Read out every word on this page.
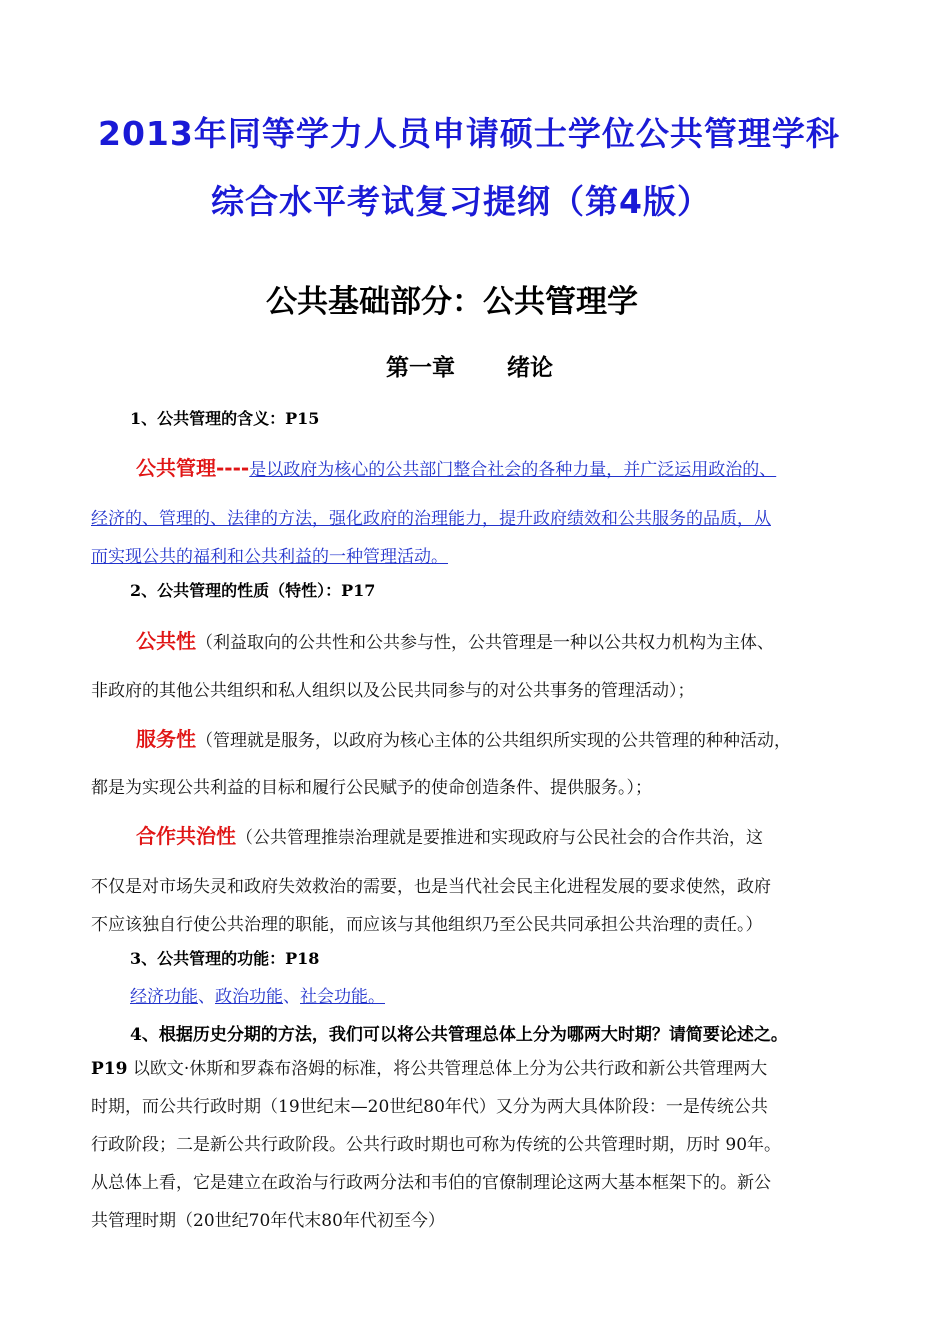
2013年同等学力人员申请硕士学位公共管理学科
综合水平考试复习提纲（第4版）
公共基础部分：公共管理学
第一章 绪论
1、公共管理的含义：P15
公共管理----是以政府为核心的公共部门整合社会的各种力量，并广泛运用政治的、
经济的、管理的、法律的方法，强化政府的治理能力，提升政府绩效和公共服务的品质，从
而实现公共的福利和公共利益的一种管理活动。
2、公共管理的性质（特性）：P17
公共性（利益取向的公共性和公共参与性，公共管理是一种以公共权力机构为主体、
非政府的其他公共组织和私人组织以及公民共同参与的对公共事务的管理活动）；
服务性（管理就是服务，以政府为核心主体的公共组织所实现的公共管理的种种活动，
都是为实现公共利益的目标和履行公民赋予的使命创造条件、提供服务。）；
合作共治性（公共管理推崇治理就是要推进和实现政府与公民社会的合作共治，这
不仅是对市场失灵和政府失效救治的需要，也是当代社会民主化进程发展的要求使然，政府
不应该独自行使公共治理的职能，而应该与其他组织乃至公民共同承担公共治理的责任。）
3、公共管理的功能：P18
经济功能、政治功能、社会功能。
4、根据历史分期的方法，我们可以将公共管理总体上分为哪两大时期？请简要论述之。
P19 以欧文·休斯和罗森布洛姆的标准，将公共管理总体上分为公共行政和新公共管理两大
时期，而公共行政时期（19世纪末—20世纪80年代）又分为两大具体阶段：一是传统公共
行政阶段；二是新公共行政阶段。公共行政时期也可称为传统的公共管理时期，历时 90年。
从总体上看，它是建立在政治与行政两分法和韦伯的官僚制理论这两大基本框架下的。新公
共管理时期（20世纪70年代末80年代初至今）
